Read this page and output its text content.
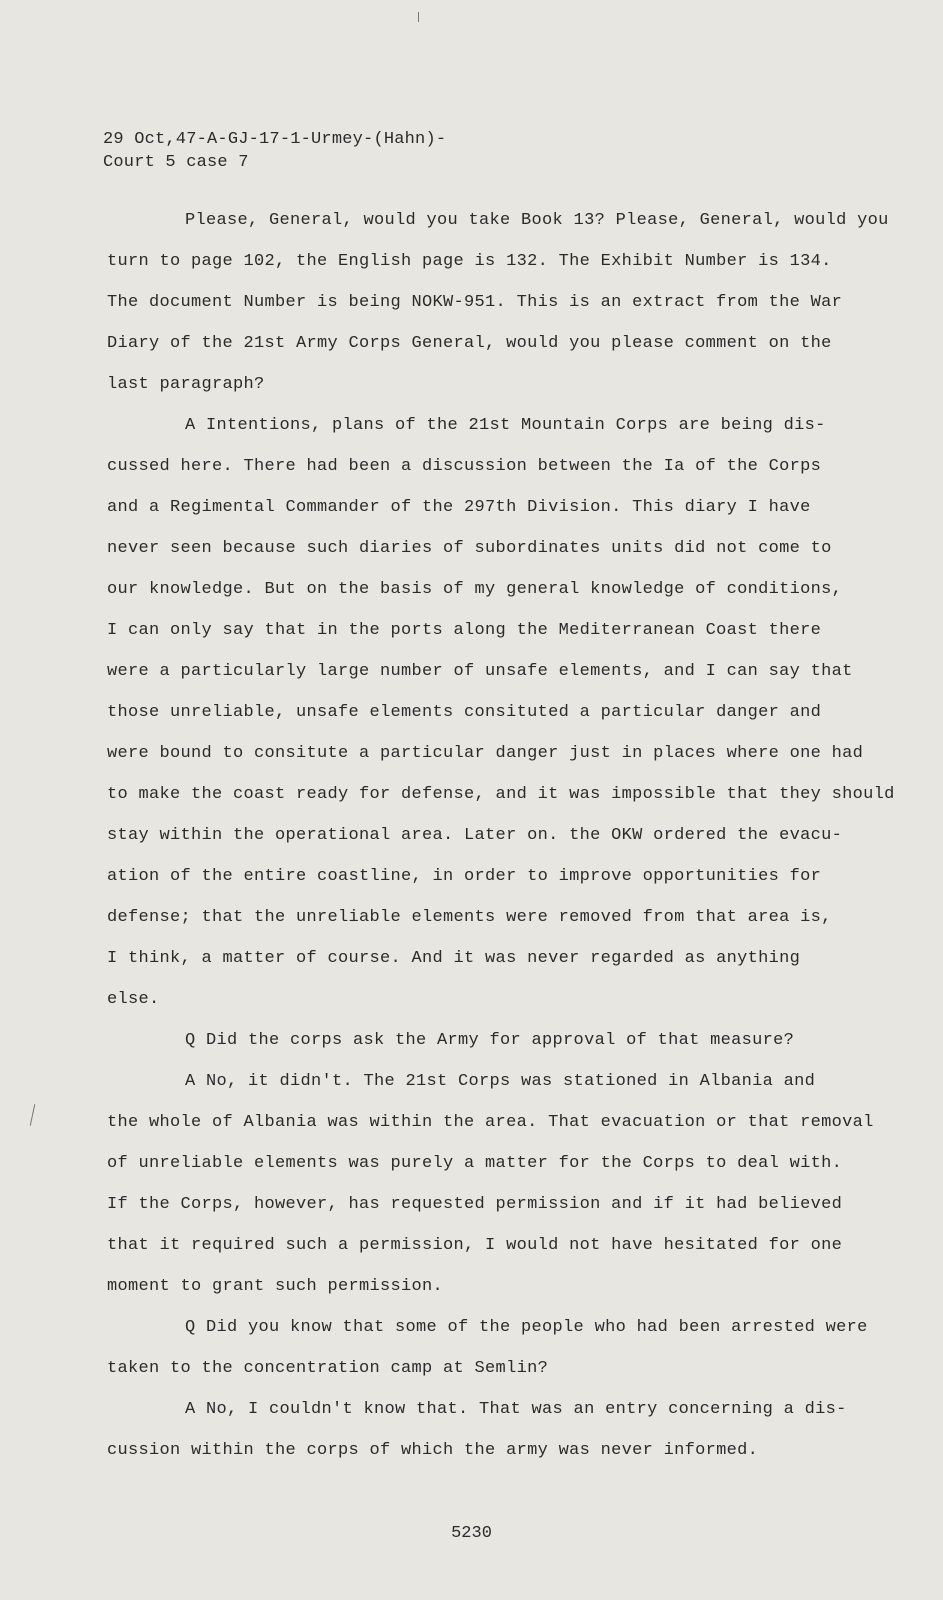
29 Oct,47-A-GJ-17-1-Urmey-(Hahn)-
Court 5 case 7
Please, General, would you take Book 13? Please, General, would you
turn to page 102, the English page is 132. The Exhibit Number is 134.
The document Number is being NOKW-951. This is an extract from the War
Diary of the 21st Army Corps General, would you please comment on the
last paragraph?
A Intentions, plans of the 21st Mountain Corps are being dis-
cussed here. There had been a discussion between the Ia of the Corps
and a Regimental Commander of the 297th Division. This diary I have
never seen because such diaries of subordinates units did not come to
our knowledge. But on the basis of my general knowledge of conditions,
I can only say that in the ports along the Mediterranean Coast there
were a particularly large number of unsafe elements, and I can say that
those unreliable, unsafe elements consituted a particular danger and
were bound to consitute a particular danger just in places where one had
to make the coast ready for defense, and it was impossible that they should
stay within the operational area. Later on. the OKW ordered the evacu-
ation of the entire coastline, in order to improve opportunities for
defense; that the unreliable elements were removed from that area is,
I think, a matter of course. And it was never regarded as anything
else.
Q Did the corps ask the Army for approval of that measure?
A No, it didn't. The 21st Corps was stationed in Albania and
the whole of Albania was within the area. That evacuation or that removal
of unreliable elements was purely a matter for the Corps to deal with.
If the Corps, however, has requested permission and if it had believed
that it required such a permission, I would not have hesitated for one
moment to grant such permission.
Q Did you know that some of the people who had been arrested were
taken to the concentration camp at Semlin?
A No, I couldn't know that. That was an entry concerning a dis-
cussion within the corps of which the army was never informed.
5230
